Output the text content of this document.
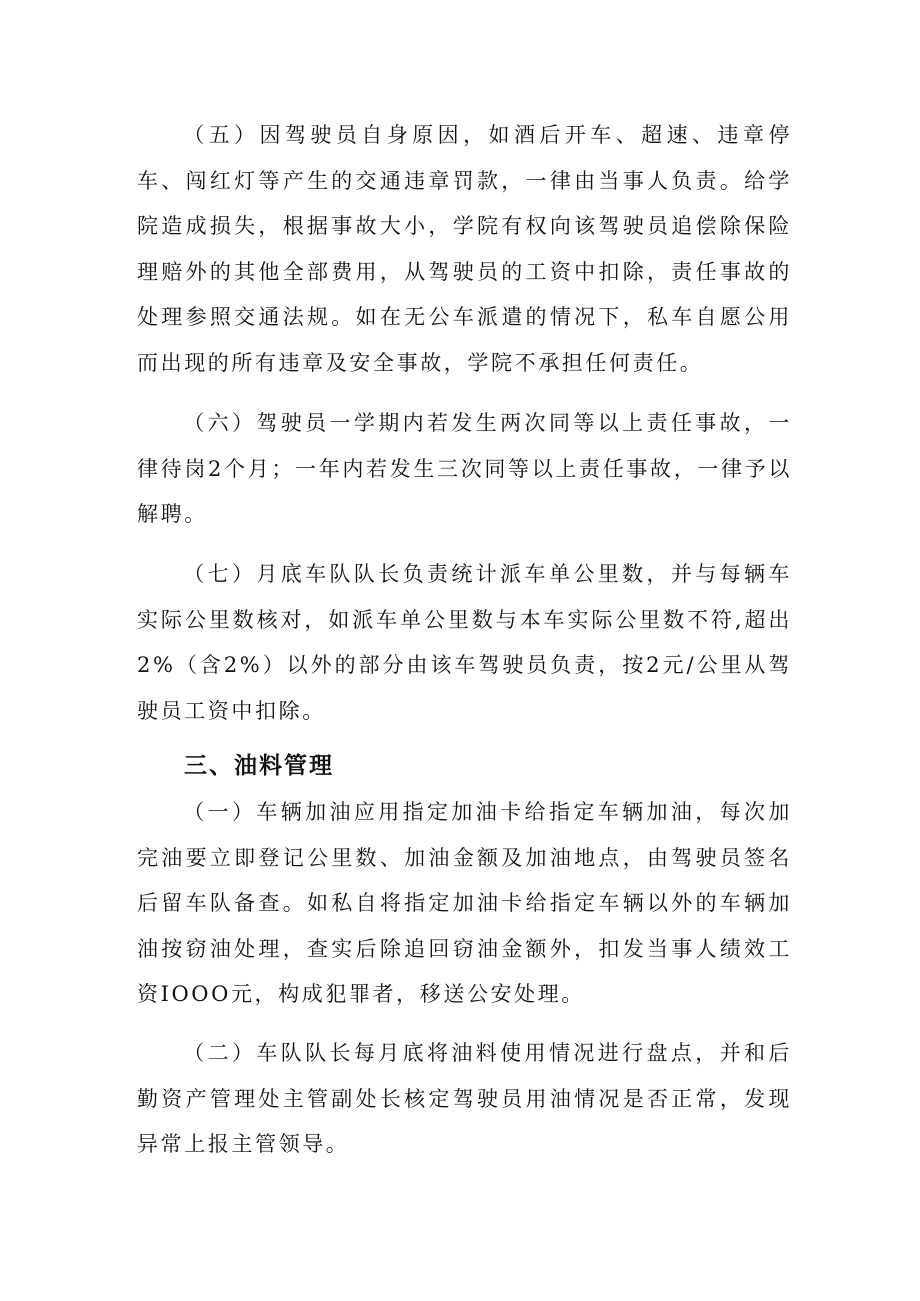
（五）因驾驶员自身原因，如酒后开车、超速、违章停车、闯红灯等产生的交通违章罚款，一律由当事人负责。给学院造成损失，根据事故大小，学院有权向该驾驶员追偿除保险理赔外的其他全部费用，从驾驶员的工资中扣除，责任事故的处理参照交通法规。如在无公车派遣的情况下，私车自愿公用而出现的所有违章及安全事故，学院不承担任何责任。

（六）驾驶员一学期内若发生两次同等以上责任事故，一律待岗2个月；一年内若发生三次同等以上责任事故，一律予以解聘。

（七）月底车队队长负责统计派车单公里数，并与每辆车实际公里数核对，如派车单公里数与本车实际公里数不符,超出2%（含2%）以外的部分由该车驾驶员负责，按2元/公里从驾驶员工资中扣除。

三、油料管理

（一）车辆加油应用指定加油卡给指定车辆加油，每次加完油要立即登记公里数、加油金额及加油地点，由驾驶员签名后留车队备查。如私自将指定加油卡给指定车辆以外的车辆加油按窃油处理，查实后除追回窃油金额外，扣发当事人绩效工资IOOO元，构成犯罪者，移送公安处理。

（二）车队队长每月底将油料使用情况进行盘点，并和后勤资产管理处主管副处长核定驾驶员用油情况是否正常，发现异常上报主管领导。
